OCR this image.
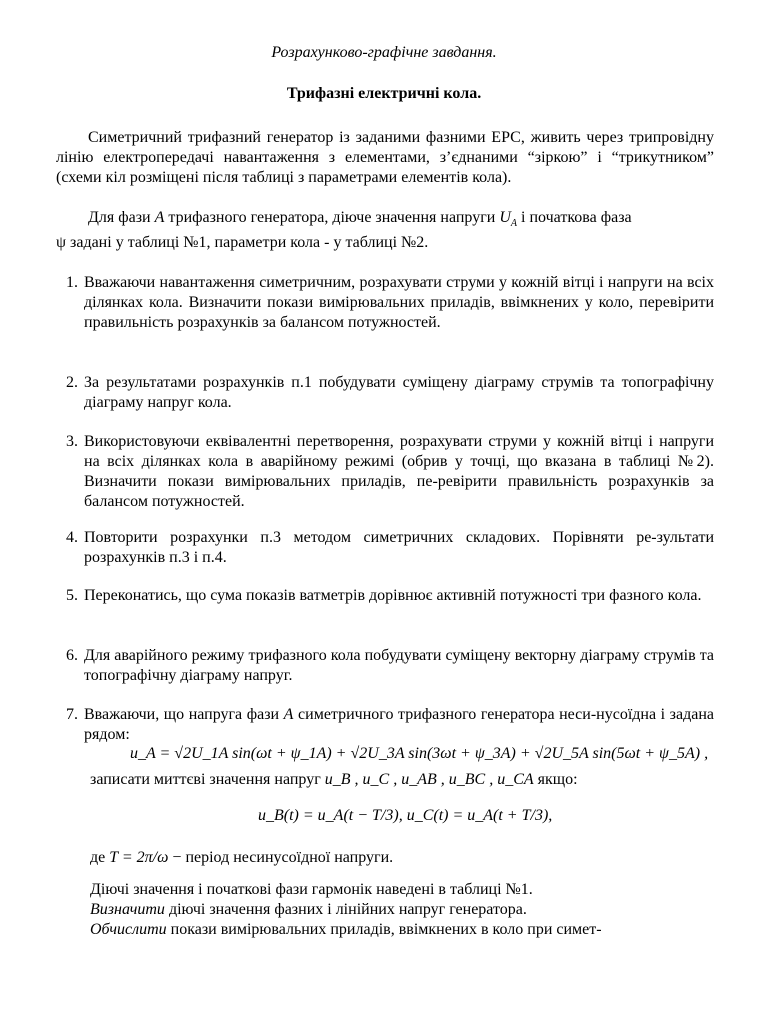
Розрахунково-графічне завдання.
Трифазні електричні кола.
Симетричний трифазний генератор із заданими фазними ЕРС, живить через трипровідну лінію електропередачі навантаження з елементами, з’єднаними “зіркою” і “трикутником” (схеми кіл розміщені після таблиці з параметрами елементів кола).
Для фази A трифазного генератора, діюче значення напруги $U_A$ і початкова фаза
ψ задані у таблиці №1, параметри кола - у таблиці №2.
1. Вважаючи навантаження симетричним, розрахувати струми у кожній вітці і напруги на всіх ділянках кола. Визначити покази вимірювальних приладів, ввімкнених у коло, перевірити правильність розрахунків за балансом потужностей.
2. За результатами розрахунків п.1 побудувати суміщену діаграму струмів та топографічну діаграму напруг кола.
3. Використовуючи еквівалентні перетворення, розрахувати струми у кожній вітці і напруги на всіх ділянках кола в аварійному режимі (обрив у точці, що вказана в таблиці №2). Визначити покази вимірювальних приладів, пе-ревірити правильність розрахунків за балансом потужностей.
4. Повторити розрахунки п.3 методом симетричних складових. Порівняти ре-зультати розрахунків п.3 і п.4.
5. Переконатись, що сума показів ватметрів дорівнює активній потужності три фазного кола.
6. Для аварійного режиму трифазного кола побудувати суміщену векторну діаграму струмів та топографічну діаграму напруг.
7. Вважаючи, що напруга фази A симетричного трифазного генератора неси-нусоїдна і задана рядом:
u_A = √2U_1A sin(ωt + ψ_1A) + √2U_3A sin(3ωt + ψ_3A) + √2U_5A sin(5ωt + ψ_5A) ,
записати миттєві значення напруг u_B , u_C , u_AB , u_BC , u_CA якщо:
u_B(t) = u_A(t − T/3), u_C(t) = u_A(t + T/3),
де T = 2π/ω − період несинусоїдної напруги.
Діючі значення і початкові фази гармонік наведені в таблиці №1.
Визначити діючі значення фазних і лінійних напруг генератора.
Обчислити покази вимірювальних приладів, ввімкнених в коло при симет-
